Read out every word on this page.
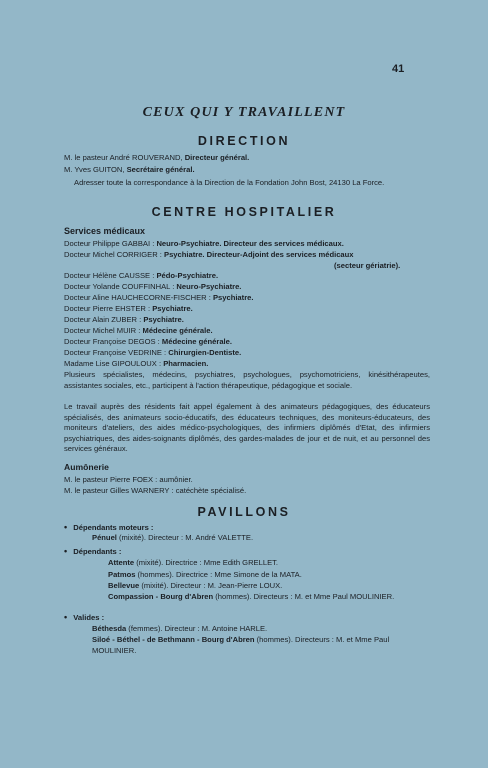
41
CEUX QUI Y TRAVAILLENT
DIRECTION
M. le pasteur André ROUVERAND, Directeur général.
M. Yves GUITON, Secrétaire général.
Adresser toute la correspondance à la Direction de la Fondation John Bost, 24130 La Force.
CENTRE HOSPITALIER
Services médicaux
Docteur Philippe GABBAI : Neuro-Psychiatre. Directeur des services médicaux.
Docteur Michel CORRIGER : Psychiatre. Directeur-Adjoint des services médicaux
(secteur gériatrie).
Docteur Hélène CAUSSE : Pédo-Psychiatre.
Docteur Yolande COUFFINHAL : Neuro-Psychiatre.
Docteur Aline HAUCHECORNE-FISCHER : Psychiatre.
Docteur Pierre EHSTER : Psychiatre.
Docteur Alain ZUBER : Psychiatre.
Docteur Michel MUIR : Médecine générale.
Docteur Françoise DEGOS : Médecine générale.
Docteur Françoise VEDRINE : Chirurgien-Dentiste.
Madame Lise GIPOULOUX : Pharmacien.
Plusieurs spécialistes, médecins, psychiatres, psychologues, psychomotriciens, kinésithérapeutes, assistantes sociales, etc., participent à l'action thérapeutique, pédagogique et sociale.
Le travail auprès des résidents fait appel également à des animateurs pédagogiques, des éducateurs spécialisés, des animateurs socio-éducatifs, des éducateurs techniques, des moniteurs-éducateurs, des moniteurs d'ateliers, des aides médico-psychologiques, des infirmiers diplômés d'Etat, des infirmiers psychiatriques, des aides-soignants diplômés, des gardes-malades de jour et de nuit, et au personnel des services généraux.
Aumônerie
M. le pasteur Pierre FOEX : aumônier.
M. le pasteur Gilles WARNERY : catéchète spécialisé.
PAVILLONS
• Dépendants moteurs :
Pénuel (mixité). Directeur : M. André VALETTE.
• Dépendants :
Attente (mixité). Directrice : Mme Edith GRELLET.
Patmos (hommes). Directrice : Mme Simone de la MATA.
Bellevue (mixité). Directeur : M. Jean-Pierre LOUX.
Compassion - Bourg d'Abren (hommes). Directeurs : M. et Mme Paul MOULINIER.
• Valides :
Béthesda (femmes). Directeur : M. Antoine HARLE.
Siloé - Béthel - de Bethmann - Bourg d'Abren (hommes). Directeurs : M. et Mme Paul MOULINIER.
